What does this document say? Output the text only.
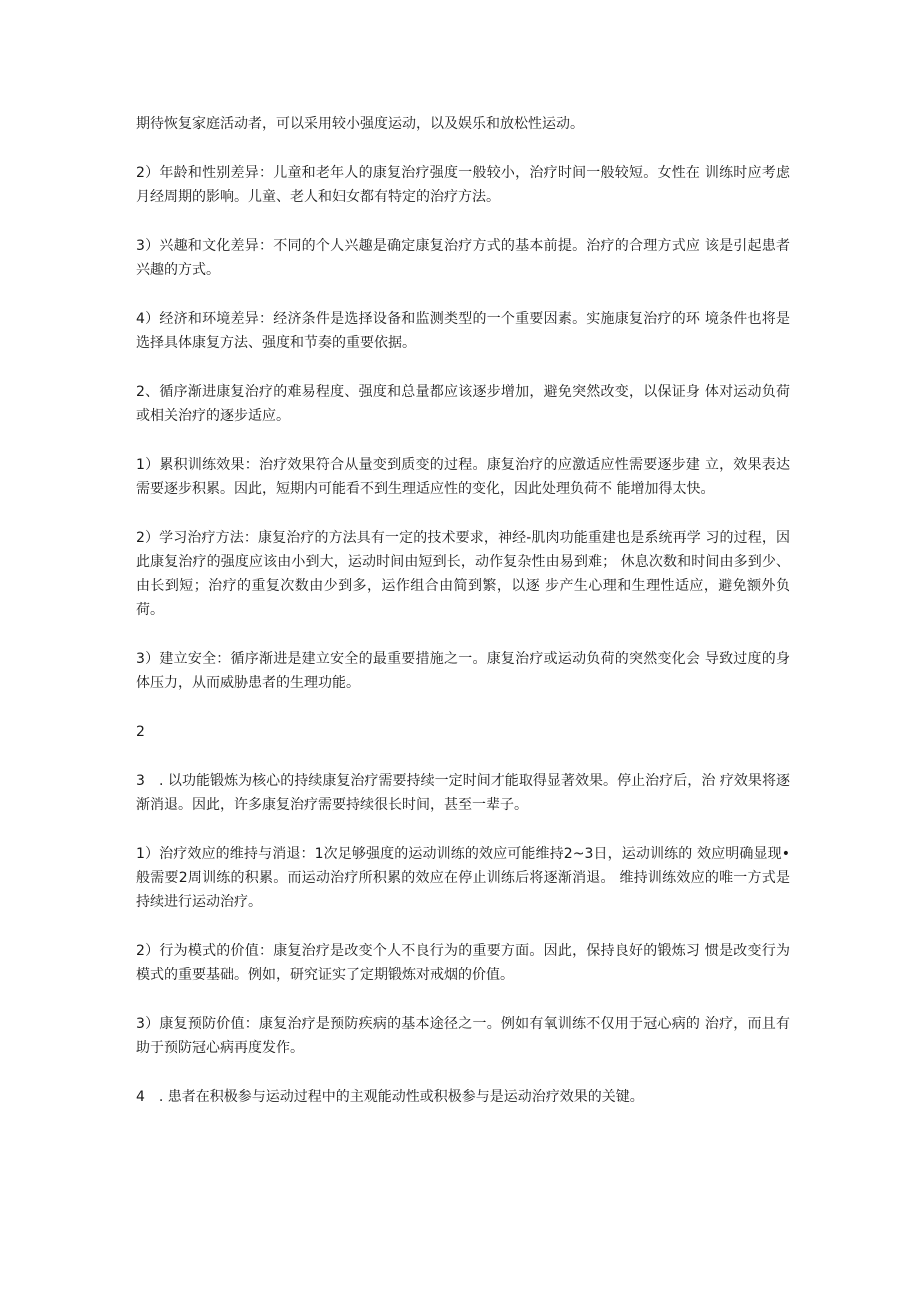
期待恢复家庭活动者，可以采用较小强度运动，以及娱乐和放松性运动。

2）年龄和性别差异：儿童和老年人的康复治疗强度一般较小，治疗时间一般较短。女性在 训练时应考虑月经周期的影响。儿童、老人和妇女都有特定的治疗方法。

3）兴趣和文化差异：不同的个人兴趣是确定康复治疗方式的基本前提。治疗的合理方式应 该是引起患者兴趣的方式。

4）经济和环境差异：经济条件是选择设备和监测类型的一个重要因素。实施康复治疗的环 境条件也将是选择具体康复方法、强度和节奏的重要依据。

2、循序渐进康复治疗的难易程度、强度和总量都应该逐步增加，避免突然改变，以保证身 体对运动负荷或相关治疗的逐步适应。

1）累积训练效果：治疗效果符合从量变到质变的过程。康复治疗的应激适应性需要逐步建 立，效果表达需要逐步积累。因此，短期内可能看不到生理适应性的变化，因此处理负荷不 能增加得太快。

2）学习治疗方法：康复治疗的方法具有一定的技术要求，神经-肌肉功能重建也是系统再学 习的过程，因此康复治疗的强度应该由小到大，运动时间由短到长，动作复杂性由易到难； 休息次数和时间由多到少、由长到短；治疗的重复次数由少到多，运作组合由简到繁，以逐 步产生心理和生理性适应，避免额外负荷。

3）建立安全：循序渐进是建立安全的最重要措施之一。康复治疗或运动负荷的突然变化会 导致过度的身体压力，从而威胁患者的生理功能。

2

3　. 以功能锻炼为核心的持续康复治疗需要持续一定时间才能取得显著效果。停止治疗后，治 疗效果将逐渐消退。因此，许多康复治疗需要持续很长时间，甚至一辈子。

1）治疗效应的维持与消退：1次足够强度的运动训练的效应可能维持2~3日，运动训练的 效应明确显现•般需要2周训练的积累。而运动治疗所积累的效应在停止训练后将逐渐消退。 维持训练效应的唯一方式是持续进行运动治疗。

2）行为模式的价值：康复治疗是改变个人不良行为的重要方面。因此，保持良好的锻炼习 惯是改变行为模式的重要基础。例如，研究证实了定期锻炼对戒烟的价值。

3）康复预防价值：康复治疗是预防疾病的基本途径之一。例如有氧训练不仅用于冠心病的 治疗，而且有助于预防冠心病再度发作。

4　. 患者在积极参与运动过程中的主观能动性或积极参与是运动治疗效果的关键。
